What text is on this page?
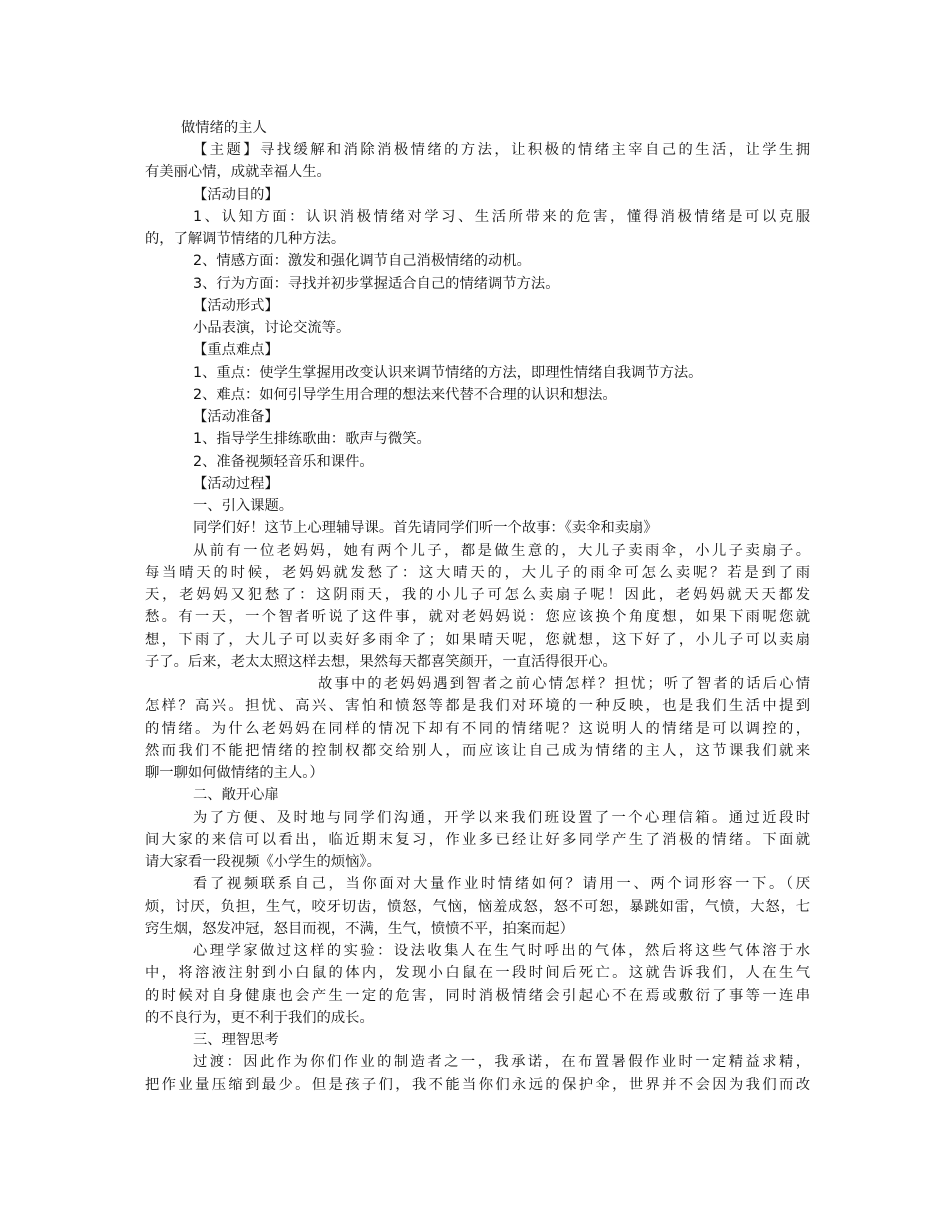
做情绪的主人

【主题】寻找缓解和消除消极情绪的方法，让积极的情绪主宰自己的生活，让学生拥

有美丽心情，成就幸福人生。

【活动目的】

1、认知方面：认识消极情绪对学习、生活所带来的危害，懂得消极情绪是可以克服

的，了解调节情绪的几种方法。

2、情感方面：激发和强化调节自己消极情绪的动机。

3、行为方面：寻找并初步掌握适合自己的情绪调节方法。

【活动形式】

小品表演，讨论交流等。

【重点难点】

1、重点：使学生掌握用改变认识来调节情绪的方法，即理性情绪自我调节方法。

2、难点：如何引导学生用合理的想法来代替不合理的认识和想法。

【活动准备】

1、指导学生排练歌曲：歌声与微笑。

2、准备视频轻音乐和课件。

【活动过程】

一、引入课题。

同学们好！这节上心理辅导课。首先请同学们听一个故事：《卖伞和卖扇》

从前有一位老妈妈，她有两个儿子，都是做生意的，大儿子卖雨伞，小儿子卖扇子。

每当晴天的时候，老妈妈就发愁了：这大晴天的，大儿子的雨伞可怎么卖呢？若是到了雨

天，老妈妈又犯愁了：这阴雨天，我的小儿子可怎么卖扇子呢！因此，老妈妈就天天都发

愁。有一天，一个智者听说了这件事，就对老妈妈说：您应该换个角度想，如果下雨呢您就

想，下雨了，大儿子可以卖好多雨伞了；如果晴天呢，您就想，这下好了，小儿子可以卖扇

子了。后来，老太太照这样去想，果然每天都喜笑颜开，一直活得很开心。

故事中的老妈妈遇到智者之前心情怎样？担忧；听了智者的话后心情

怎样？高兴。担忧、高兴、害怕和愤怒等都是我们对环境的一种反映，也是我们生活中提到

的情绪。为什么老妈妈在同样的情况下却有不同的情绪呢？这说明人的情绪是可以调控的，

然而我们不能把情绪的控制权都交给别人，而应该让自己成为情绪的主人，这节课我们就来

聊一聊如何做情绪的主人。）

二、敞开心扉

为了方便、及时地与同学们沟通，开学以来我们班设置了一个心理信箱。通过近段时

间大家的来信可以看出，临近期末复习，作业多已经让好多同学产生了消极的情绪。下面就

请大家看一段视频《小学生的烦恼》。

看了视频联系自己，当你面对大量作业时情绪如何？请用一、两个词形容一下。（厌

烦，讨厌，负担，生气，咬牙切齿，愤怒，气恼，恼羞成怒，怒不可恕，暴跳如雷，气愤，大怒，七

窍生烟，怒发冲冠，怒目而视，不满，生气，愤愤不平，拍案而起）

心理学家做过这样的实验：设法收集人在生气时呼出的气体，然后将这些气体溶于水

中，将溶液注射到小白鼠的体内，发现小白鼠在一段时间后死亡。这就告诉我们，人在生气

的时候对自身健康也会产生一定的危害，同时消极情绪会引起心不在焉或敷衍了事等一连串

的不良行为，更不利于我们的成长。

三、理智思考

过渡：因此作为你们作业的制造者之一，我承诺，在布置暑假作业时一定精益求精，

把作业量压缩到最少。但是孩子们，我不能当你们永远的保护伞，世界并不会因为我们而改
